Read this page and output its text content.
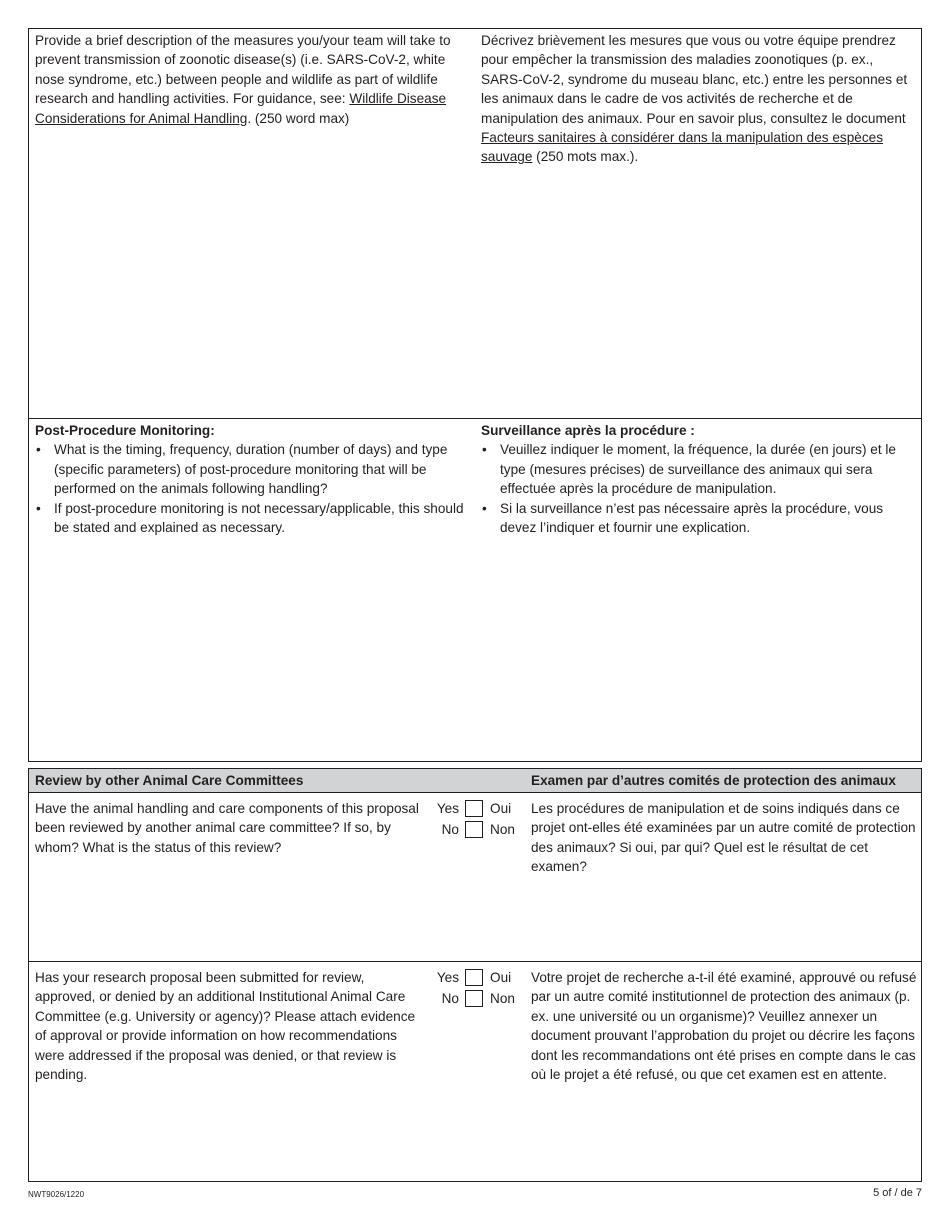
Provide a brief description of the measures you/your team will take to prevent transmission of zoonotic disease(s) (i.e. SARS-CoV-2, white nose syndrome, etc.) between people and wildlife as part of wildlife research and handling activities. For guidance, see: Wildlife Disease Considerations for Animal Handling. (250 word max)
Décrivez brièvement les mesures que vous ou votre équipe prendrez pour empêcher la transmission des maladies zoonotiques (p. ex., SARS-CoV-2, syndrome du museau blanc, etc.) entre les personnes et les animaux dans le cadre de vos activités de recherche et de manipulation des animaux. Pour en savoir plus, consultez le document Facteurs sanitaires à considérer dans la manipulation des espèces sauvage (250 mots max.).
Post-Procedure Monitoring:
• What is the timing, frequency, duration (number of days) and type (specific parameters) of post-procedure monitoring that will be performed on the animals following handling?
• If post-procedure monitoring is not necessary/applicable, this should be stated and explained as necessary.
Surveillance après la procédure :
• Veuillez indiquer le moment, la fréquence, la durée (en jours) et le type (mesures précises) de surveillance des animaux qui sera effectuée après la procédure de manipulation.
• Si la surveillance n’est pas nécessaire après la procédure, vous devez l’indiquer et fournir une explication.
Review by other Animal Care Committees	Examen par d’autres comités de protection des animaux
Have the animal handling and care components of this proposal been reviewed by another animal care committee? If so, by whom? What is the status of this review?
Yes Oui
No Non
Les procédures de manipulation et de soins indiqués dans ce projet ont-elles été examinées par un autre comité de protection des animaux? Si oui, par qui? Quel est le résultat de cet examen?
Has your research proposal been submitted for review, approved, or denied by an additional Institutional Animal Care Committee (e.g. University or agency)? Please attach evidence of approval or provide information on how recommendations were addressed if the proposal was denied, or that review is pending.
Yes Oui
No Non
Votre projet de recherche a-t-il été examiné, approuvé ou refusé par un autre comité institutionnel de protection des animaux (p. ex. une université ou un organisme)? Veuillez annexer un document prouvant l’approbation du projet ou décrire les façons dont les recommandations ont été prises en compte dans le cas où le projet a été refusé, ou que cet examen est en attente.
NWT9026/1220	5 of / de 7
